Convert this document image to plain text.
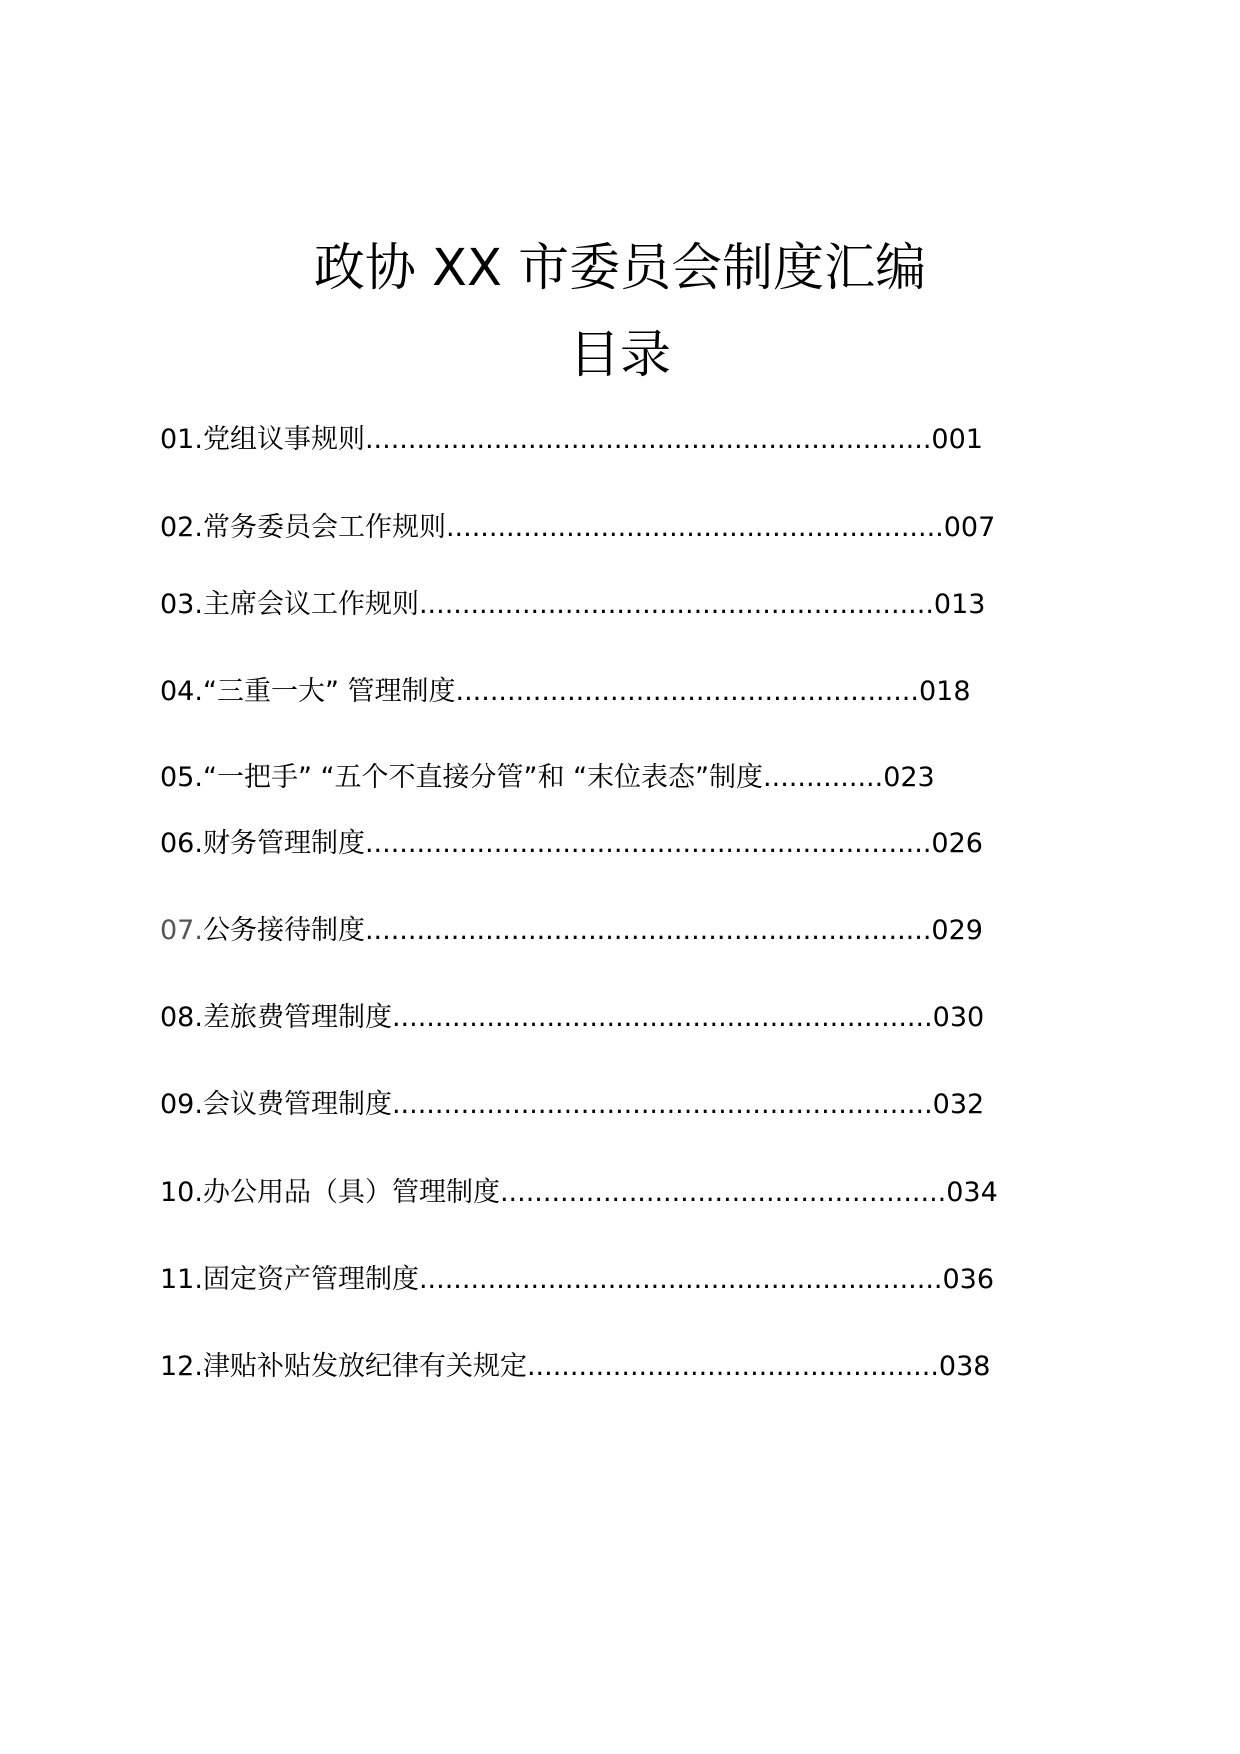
政协 XX 市委员会制度汇编
目录
01.党组议事规则..................................................................001
02.常务委员会工作规则..........................................................007
03.主席会议工作规则............................................................013
04.“三重一大” 管理制度......................................................018
05.“一把手” “五个不直接分管”和 “末位表态”制度..............023
06.财务管理制度..................................................................026
07.公务接待制度..................................................................029
08.差旅费管理制度...............................................................030
09.会议费管理制度...............................................................032
10.办公用品（具）管理制度....................................................034
11.固定资产管理制度.............................................................036
12.津贴补贴发放纪律有关规定................................................038
